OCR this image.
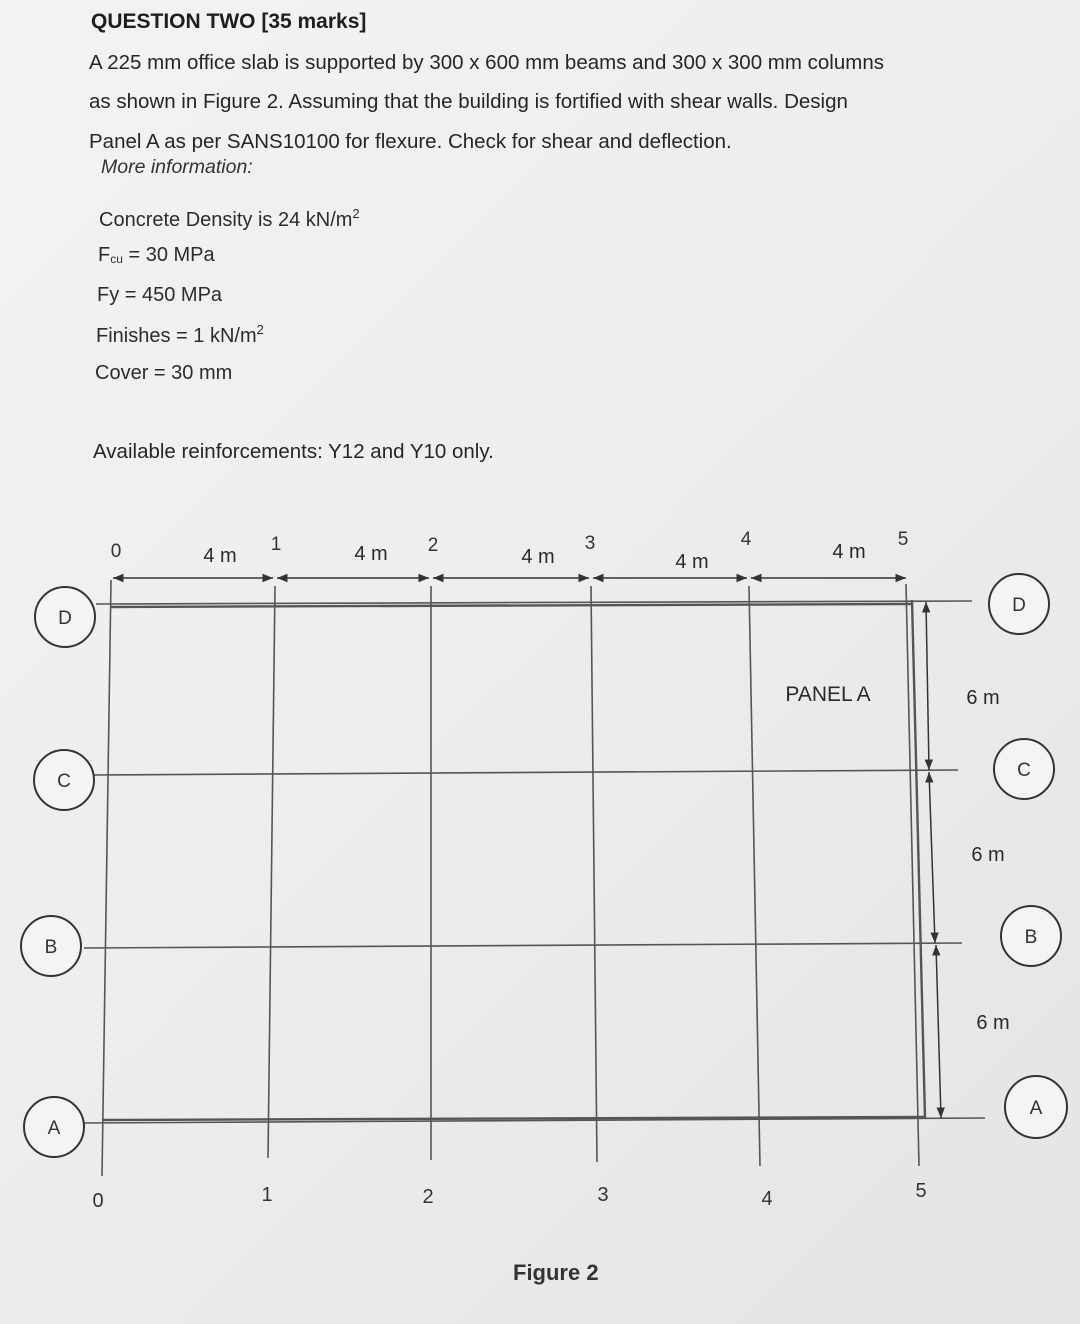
QUESTION TWO [35 marks]
A 225 mm office slab is supported by 300 x 600 mm beams and 300 x 300 mm columns
as shown in Figure 2. Assuming that the building is fortified with shear walls. Design
Panel A as per SANS10100 for flexure. Check for shear and deflection.
More information:
Concrete Density is 24 $kN/m^2$
$F_{cu} = 30$ MPa
Fy = 450 MPa
Finishes = 1 $kN/m^2$
Cover = 30 mm
Available reinforcements: Y12 and Y10 only.
0	1	2	3	4	5
4 m	4 m	4 m	4 m	4 m
6 m
6 m
6 m
PANEL A
0	1	2	3	4	5
D
C
B
A
D
C
B
A
Figure 2
